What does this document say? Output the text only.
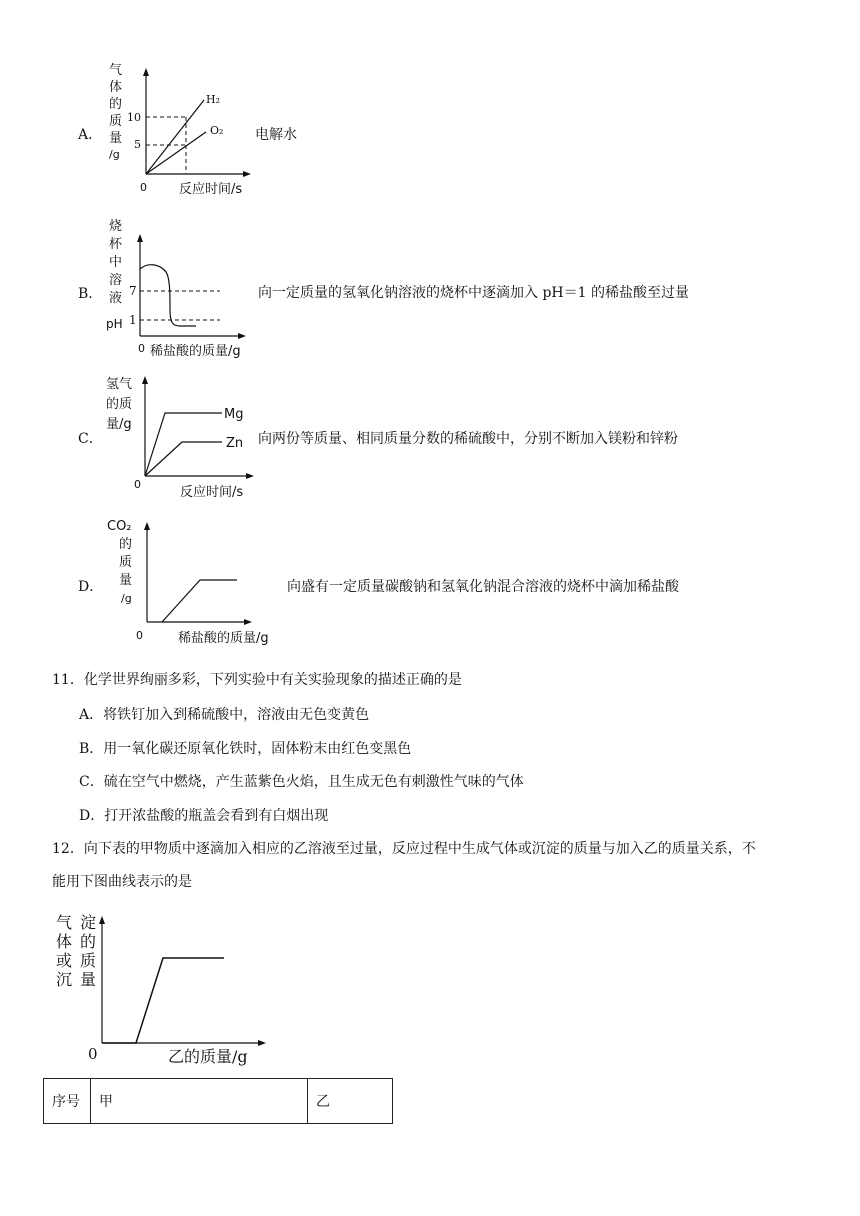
A．
气
体
的
质
量
/g
10
5
H₂
O₂
0 反应时间/s
电解水
B．
烧
杯
中
溶
液
pH
7
1
0 稀盐酸的质量/g
向一定质量的氢氧化钠溶液的烧杯中逐滴加入 pH＝1 的稀盐酸至过量
C．
氢气
的质
量/g
Mg
Zn
0
反应时间/s
向两份等质量、相同质量分数的稀硫酸中，分别不断加入镁粉和锌粉
D．
CO₂
的
质
量
/g
0	稀盐酸的质量/g
向盛有一定质量碳酸钠和氢氧化钠混合溶液的烧杯中滴加稀盐酸
11．化学世界绚丽多彩，下列实验中有关实验现象的描述正确的是
A．将铁钉加入到稀硫酸中，溶液由无色变黄色
B．用一氧化碳还原氧化铁时，固体粉末由红色变黑色
C．硫在空气中燃烧，产生蓝紫色火焰，且生成无色有刺激性气味的气体
D．打开浓盐酸的瓶盖会看到有白烟出现
12．向下表的甲物质中逐滴加入相应的乙溶液至过量，反应过程中生成气体或沉淀的质量与加入乙的质量关系，不
能用下图曲线表示的是
气
体
或
沉
淀
的
质
量
0	乙的质量/g
序号	甲	乙
